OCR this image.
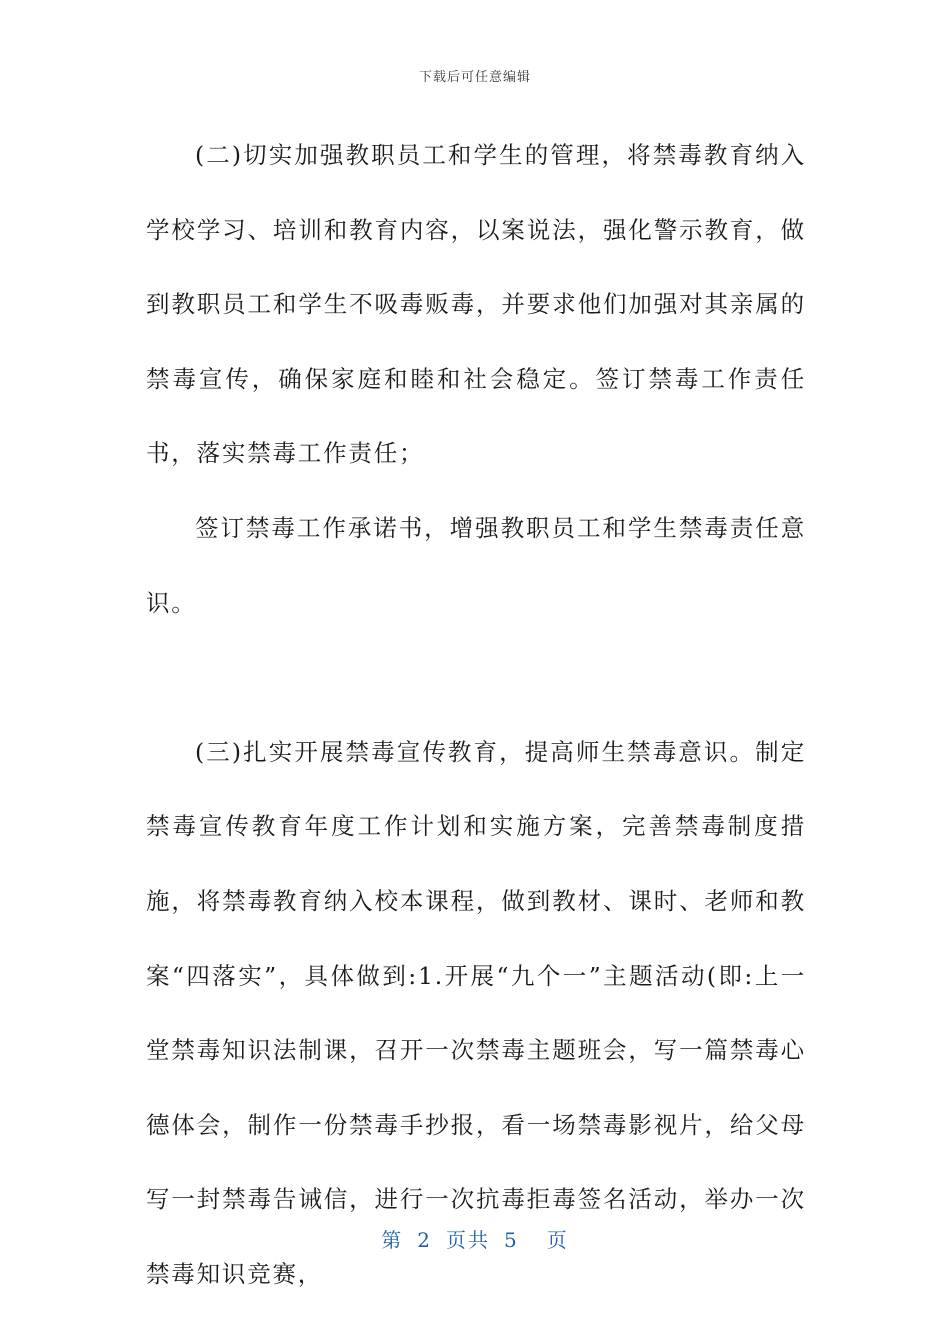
下载后可任意编辑

(二)切实加强教职员工和学生的管理，将禁毒教育纳入学校学习、培训和教育内容，以案说法，强化警示教育，做到教职员工和学生不吸毒贩毒，并要求他们加强对其亲属的禁毒宣传，确保家庭和睦和社会稳定。签订禁毒工作责任书，落实禁毒工作责任；

签订禁毒工作承诺书，增强教职员工和学生禁毒责任意识。

(三)扎实开展禁毒宣传教育，提高师生禁毒意识。制定禁毒宣传教育年度工作计划和实施方案，完善禁毒制度措施，将禁毒教育纳入校本课程，做到教材、课时、老师和教案“四落实”，具体做到:1.开展“九个一”主题活动(即:上一堂禁毒知识法制课，召开一次禁毒主题班会，写一篇禁毒心德体会，制作一份禁毒手抄报，看一场禁毒影视片，给父母写一封禁毒告诫信，进行一次抗毒拒毒签名活动，举办一次禁毒知识竞赛，

第 2 页共 5 页
